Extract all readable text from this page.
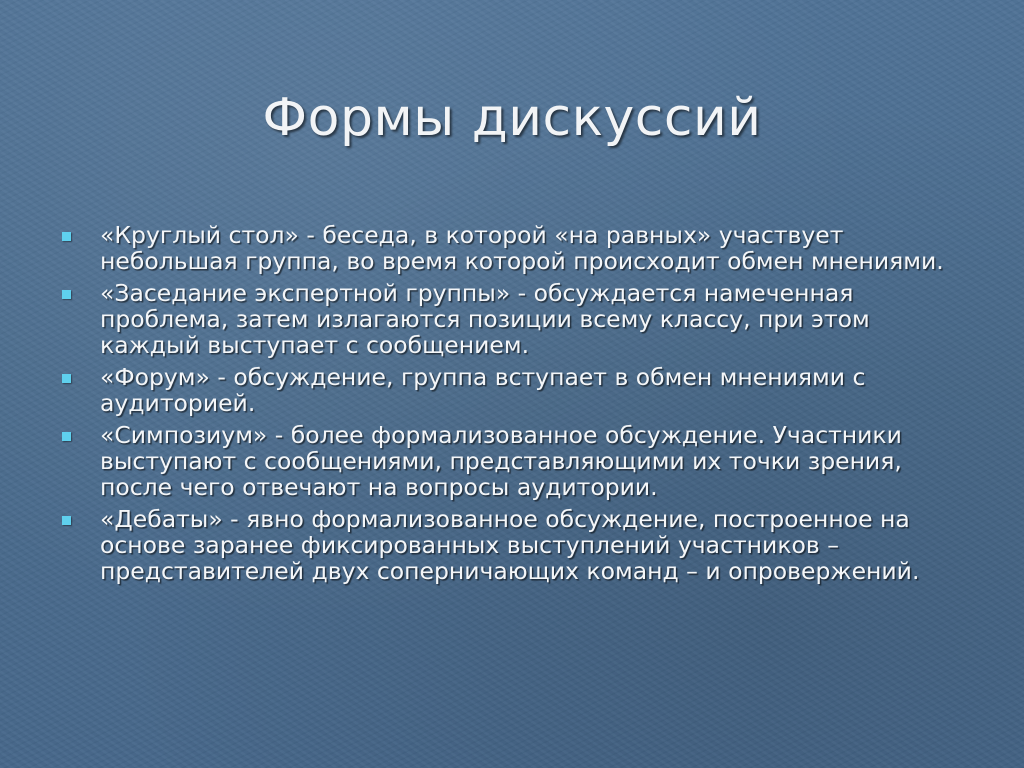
Формы дискуссий
«Круглый стол» - беседа, в которой «на равных» участвует небольшая группа, во время которой происходит обмен мнениями.
«Заседание экспертной группы» - обсуждается намеченная проблема, затем излагаются позиции всему классу, при этом каждый выступает с сообщением.
«Форум» - обсуждение, группа вступает в обмен мнениями с аудиторией.
«Симпозиум» - более формализованное обсуждение. Участники выступают с сообщениями, представляющими их точки зрения, после чего отвечают на вопросы аудитории.
«Дебаты» - явно формализованное обсуждение, построенное на основе заранее фиксированных выступлений участников – представителей двух соперничающих команд – и опровержений.
